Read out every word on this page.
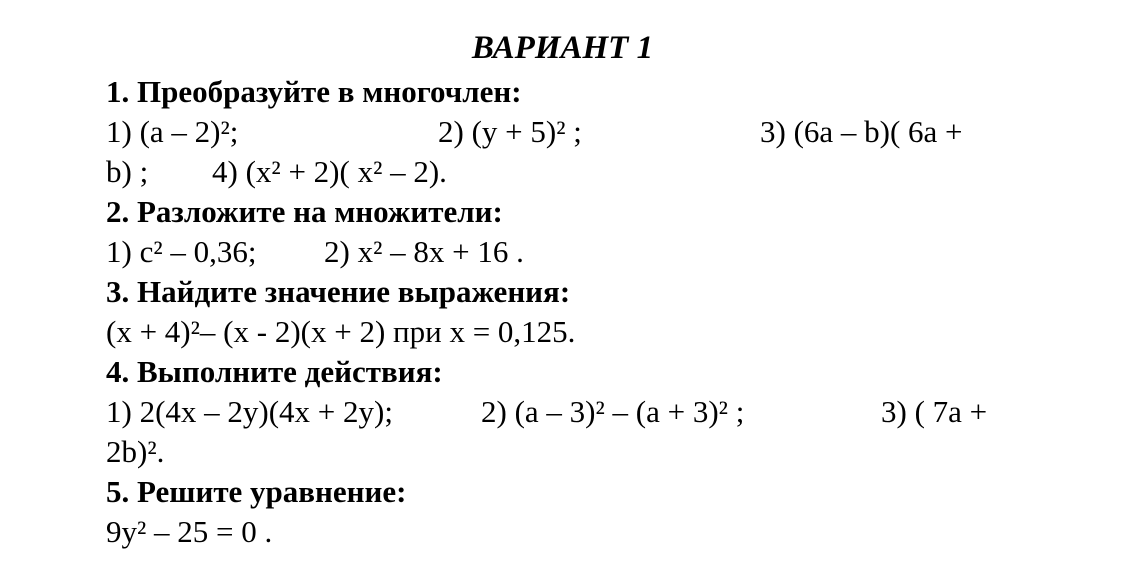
ВАРИАНТ 1
1. Преобразуйте в многочлен:
1) (a – 2)²;	2) (y + 5)² ;	3) (6a – b)( 6a +
b) ; 4) (x² + 2)( x² – 2).
2. Разложите на множители:
1) c² – 0,36; 2) x² – 8x + 16 .
3. Найдите значение выражения:
(x + 4)²– (x - 2)(x + 2) при x = 0,125.
4. Выполните действия:
1) 2(4x – 2y)(4x + 2y);	2) (a – 3)² – (a + 3)² ;	3) ( 7a +
2b)².
5. Решите уравнение:
9y² – 25 = 0 .
